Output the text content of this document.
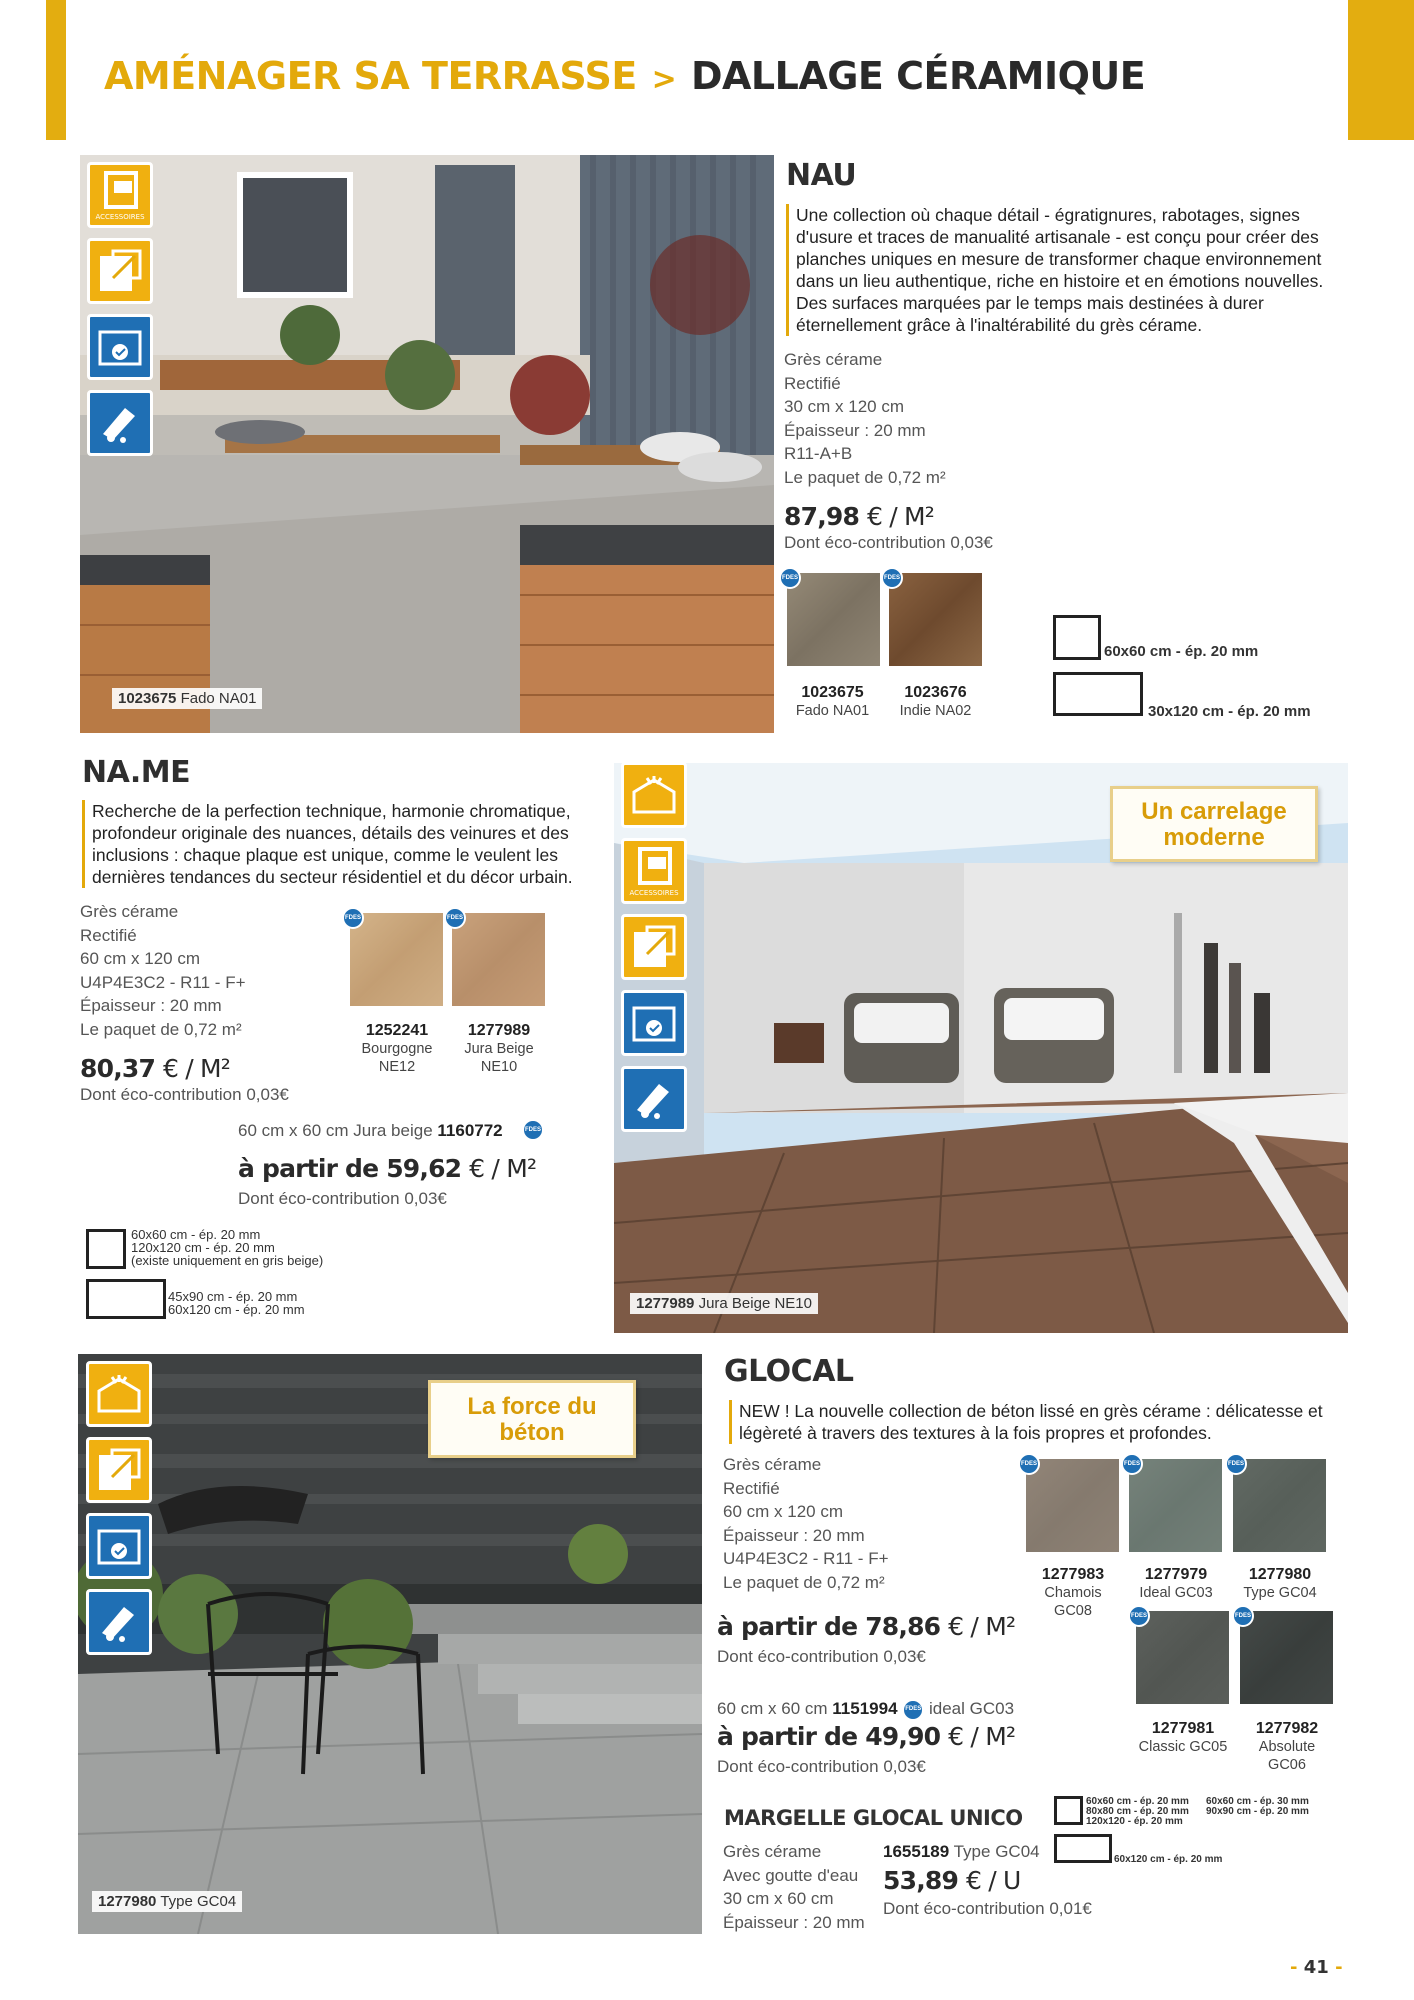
AMÉNAGER SA TERRASSE > DALLAGE CÉRAMIQUE
1023675 Fado NA01
ACCESSOIRES
NAU
Une collection où chaque détail - égratignures, rabotages, signes d'usure et traces de manualité artisanale - est conçu pour créer des planches uniques en mesure de transformer chaque environnement dans un lieu authentique, riche en histoire et en émotions nouvelles. Des surfaces marquées par le temps mais destinées à durer éternellement grâce à l'inaltérabilité du grès cérame.
Grès cérame
Rectifié
30 cm x 120 cm
Épaisseur : 20 mm
R11-A+B
Le paquet de 0,72 m²
87,98 € / M²
Dont éco-contribution 0,03€
FDES	FDES
1023675
Fado NA01
1023676
Indie NA02
60x60 cm - ép. 20 mm
30x120 cm - ép. 20 mm
NA.ME
Recherche de la perfection technique, harmonie chromatique, profondeur originale des nuances, détails des veinures et des inclusions : chaque plaque est unique, comme le veulent les dernières tendances du secteur résidentiel et du décor urbain.
Grès cérame
Rectifié
60 cm x 120 cm
U4P4E3C2 - R11 - F+
Épaisseur : 20 mm
Le paquet de 0,72 m²
80,37 € / M²
Dont éco-contribution 0,03€
FDES	FDES
1252241
Bourgogne
NE12
1277989
Jura Beige
NE10
60 cm x 60 cm Jura beige 1160772	FDES
à partir de 59,62 € / M²
Dont éco-contribution 0,03€
60x60 cm - ép. 20 mm
120x120 cm - ép. 20 mm
(existe uniquement en gris beige)
45x90 cm - ép. 20 mm
60x120 cm - ép. 20 mm	1277989 Jura Beige NE10
ACCESSOIRES
Un carrelage
moderne
1277980 Type GC04
La force du
béton
GLOCAL
NEW ! La nouvelle collection de béton lissé en grès cérame : délicatesse et légèreté à travers des textures à la fois propres et profondes.
Grès cérame
Rectifié
60 cm x 120 cm
Épaisseur : 20 mm
U4P4E3C2 - R11 - F+
Le paquet de 0,72 m²
à partir de 78,86 € / M²
Dont éco-contribution 0,03€
60 cm x 60 cm 1151994 FDES ideal GC03
à partir de 49,90 € / M²
Dont éco-contribution 0,03€
FDES	FDES	FDES
1277983
Chamois
GC08
1277979
Ideal GC03
1277980
Type GC04
FDES	FDES
1277981
Classic GC05
1277982
Absolute
GC06
60x60 cm - ép. 20 mm
80x80 cm - ép. 20 mm
120x120 - ép. 20 mm
60x60 cm - ép. 30 mm
90x90 cm - ép. 20 mm
60x120 cm - ép. 20 mm
MARGELLE GLOCAL UNICO
Grès cérame
Avec goutte d'eau
30 cm x 60 cm
Épaisseur : 20 mm
1655189 Type GC04
53,89 € / U
Dont éco-contribution 0,01€
- 41 -
